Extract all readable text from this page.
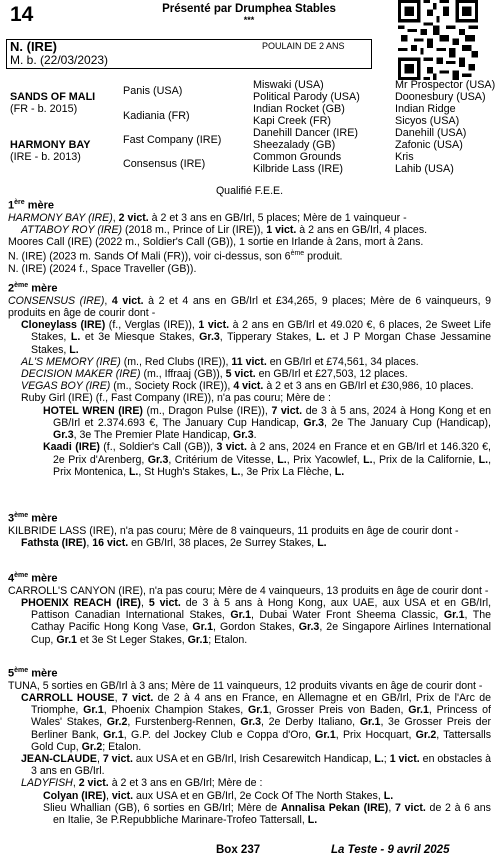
14	Présenté par Drumphea Stables
***
N. (IRE)
M. b. (22/03/2023)
POULAIN DE 2 ANS
SANDS OF MALI
(FR - b. 2015)
HARMONY BAY
(IRE - b. 2013)
Panis (USA)
Kadiania (FR)
Fast Company (IRE)
Consensus (IRE)
Miswaki (USA)
Political Parody (USA)
Indian Rocket (GB)
Kapi Creek (FR)
Danehill Dancer (IRE)
Sheezalady (GB)
Common Grounds
Kilbride Lass (IRE)
Mr Prospector (USA)
Doonesbury (USA)
Indian Ridge
Sicyos (USA)
Danehill (USA)
Zafonic (USA)
Kris
Lahib (USA)
Qualifié F.E.E.

1ère mère

HARMONY BAY (IRE), 2 vict. à 2 et 3 ans en GB/Irl, 5 places; Mère de 1 vainqueur -

ATTABOY ROY (IRE) (2018 m., Prince of Lir (IRE)), 1 vict. à 2 ans en GB/Irl, 4 places.

Moores Call (IRE) (2022 m., Soldier's Call (GB)), 1 sortie en Irlande à 2ans, mort à 2ans.

N. (IRE) (2023 m. Sands Of Mali (FR)), voir ci-dessus, son 6ème produit.

N. (IRE) (2024 f., Space Traveller (GB)).

2ème mère

CONSENSUS (IRE), 4 vict. à 2 et 4 ans en GB/Irl et £34,265, 9 places; Mère de 6 vainqueurs, 9 produits en âge de courir dont -

Cloneylass (IRE) (f., Verglas (IRE)), 1 vict. à 2 ans en GB/Irl et 49.020 €, 6 places, 2e Sweet Life Stakes, L. et 3e Miesque Stakes, Gr.3, Tipperary Stakes, L. et J P Morgan Chase Jessamine Stakes, L.

AL'S MEMORY (IRE) (m., Red Clubs (IRE)), 11 vict. en GB/Irl et £74,561, 34 places.

DECISION MAKER (IRE) (m., Iffraaj (GB)), 5 vict. en GB/Irl et £27,503, 12 places.

VEGAS BOY (IRE) (m., Society Rock (IRE)), 4 vict. à 2 et 3 ans en GB/Irl et £30,986, 10 places.

Ruby Girl (IRE) (f., Fast Company (IRE)), n'a pas couru; Mère de :

HOTEL WREN (IRE) (m., Dragon Pulse (IRE)), 7 vict. de 3 à 5 ans, 2024 à Hong Kong et en GB/Irl et 2.374.693 €, The January Cup Handicap, Gr.3, 2e The January Cup (Handicap), Gr.3, 3e The Premier Plate Handicap, Gr.3.

Kaadi (IRE) (f., Soldier's Call (GB)), 3 vict. à 2 ans, 2024 en France et en GB/Irl et 146.320 €, 2e Prix d'Arenberg, Gr.3, Critérium de Vitesse, L., Prix Yacowlef, L., Prix de la Californie, L., Prix Montenica, L., St Hugh's Stakes, L., 3e Prix La Flèche, L.

3ème mère

KILBRIDE LASS (IRE), n'a pas couru; Mère de 8 vainqueurs, 11 produits en âge de courir dont -

Fathsta (IRE), 16 vict. en GB/Irl, 38 places, 2e Surrey Stakes, L.

4ème mère

CARROLL'S CANYON (IRE), n'a pas couru; Mère de 4 vainqueurs, 13 produits en âge de courir dont -

PHOENIX REACH (IRE), 5 vict. de 3 à 5 ans à Hong Kong, aux UAE, aux USA et en GB/Irl, Pattison Canadian International Stakes, Gr.1, Dubai Water Front Sheema Classic, Gr.1, The Cathay Pacific Hong Kong Vase, Gr.1, Gordon Stakes, Gr.3, 2e Singapore Airlines International Cup, Gr.1 et 3e St Leger Stakes, Gr.1; Etalon.

5ème mère

TUNA, 5 sorties en GB/Irl à 3 ans; Mère de 11 vainqueurs, 12 produits vivants en âge de courir dont -

CARROLL HOUSE, 7 vict. de 2 à 4 ans en France, en Allemagne et en GB/Irl, Prix de l'Arc de Triomphe, Gr.1, Phoenix Champion Stakes, Gr.1, Grosser Preis von Baden, Gr.1, Princess of Wales' Stakes, Gr.2, Furstenberg-Rennen, Gr.3, 2e Derby Italiano, Gr.1, 3e Grosser Preis der Berliner Bank, Gr.1, G.P. del Jockey Club e Coppa d'Oro, Gr.1, Prix Hocquart, Gr.2, Tattersalls Gold Cup, Gr.2; Etalon.

JEAN-CLAUDE, 7 vict. aux USA et en GB/Irl, Irish Cesarewitch Handicap, L.; 1 vict. en obstacles à 3 ans en GB/Irl.

LADYFISH, 2 vict. à 2 et 3 ans en GB/Irl; Mère de :

Colyan (IRE), vict. aux USA et en GB/Irl, 2e Cock Of The North Stakes, L.

Slieu Whallian (GB), 6 sorties en GB/Irl; Mère de Annalisa Pekan (IRE), 7 vict. de 2 à 6 ans en Italie, 3e P.Repubbliche Marinare-Trofeo Tattersall, L.

Box 237	La Teste - 9 avril 2025
